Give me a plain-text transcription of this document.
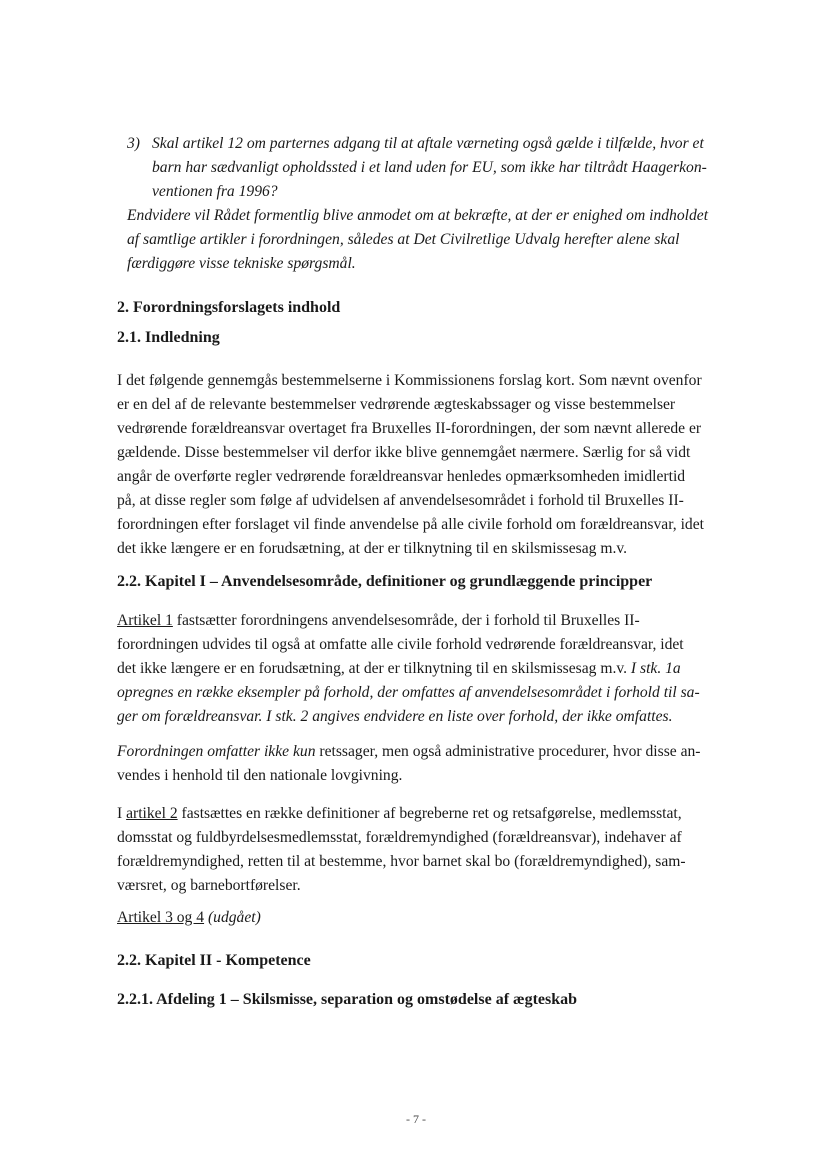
3) Skal artikel 12 om parternes adgang til at aftale værneting også gælde i tilfælde, hvor et
barn har sædvanligt opholdssted i et land uden for EU, som ikke har tiltrådt Haagerkon-
ventionen fra 1996?
Endvidere vil Rådet formentlig blive anmodet om at bekræfte, at der er enighed om indholdet
af samtlige artikler i forordningen, således at Det Civilretlige Udvalg herefter alene skal
færdiggøre visse tekniske spørgsmål.
2. Forordningsforslagets indhold
2.1. Indledning
I det følgende gennemgås bestemmelserne i Kommissionens forslag kort. Som nævnt ovenfor
er en del af de relevante bestemmelser vedrørende ægteskabssager og visse bestemmelser
vedrørende forældreansvar overtaget fra Bruxelles II-forordningen, der som nævnt allerede er
gældende. Disse bestemmelser vil derfor ikke blive gennemgået nærmere. Særlig for så vidt
angår de overførte regler vedrørende forældreansvar henledes opmærksomheden imidlertid
på, at disse regler som følge af udvidelsen af anvendelsesområdet i forhold til Bruxelles II-
forordningen efter forslaget vil finde anvendelse på alle civile forhold om forældreansvar, idet
det ikke længere er en forudsætning, at der er tilknytning til en skilsmissesag m.v.
2.2. Kapitel I – Anvendelsesområde, definitioner og grundlæggende principper
Artikel 1 fastsætter forordningens anvendelsesområde, der i forhold til Bruxelles II-
forordningen udvides til også at omfatte alle civile forhold vedrørende forældreansvar, idet
det ikke længere er en forudsætning, at der er tilknytning til en skilsmissesag m.v. I stk. 1a
opregnes en række eksempler på forhold, der omfattes af anvendelsesområdet i forhold til sa-
ger om forældreansvar. I stk. 2 angives endvidere en liste over forhold, der ikke omfattes.
Forordningen omfatter ikke kun retssager, men også administrative procedurer, hvor disse an-
vendes i henhold til den nationale lovgivning.
I artikel 2 fastsættes en række definitioner af begreberne ret og retsafgørelse, medlemsstat,
domsstat og fuldbyrdelsesmedlemsstat, forældremyndighed (forældreansvar), indehaver af
forældremyndighed, retten til at bestemme, hvor barnet skal bo (forældremyndighed), sam-
værsret, og barnebortførelser.
Artikel 3 og 4 (udgået)
2.2. Kapitel II - Kompetence
2.2.1. Afdeling 1 – Skilsmisse, separation og omstødelse af ægteskab
- 7 -
